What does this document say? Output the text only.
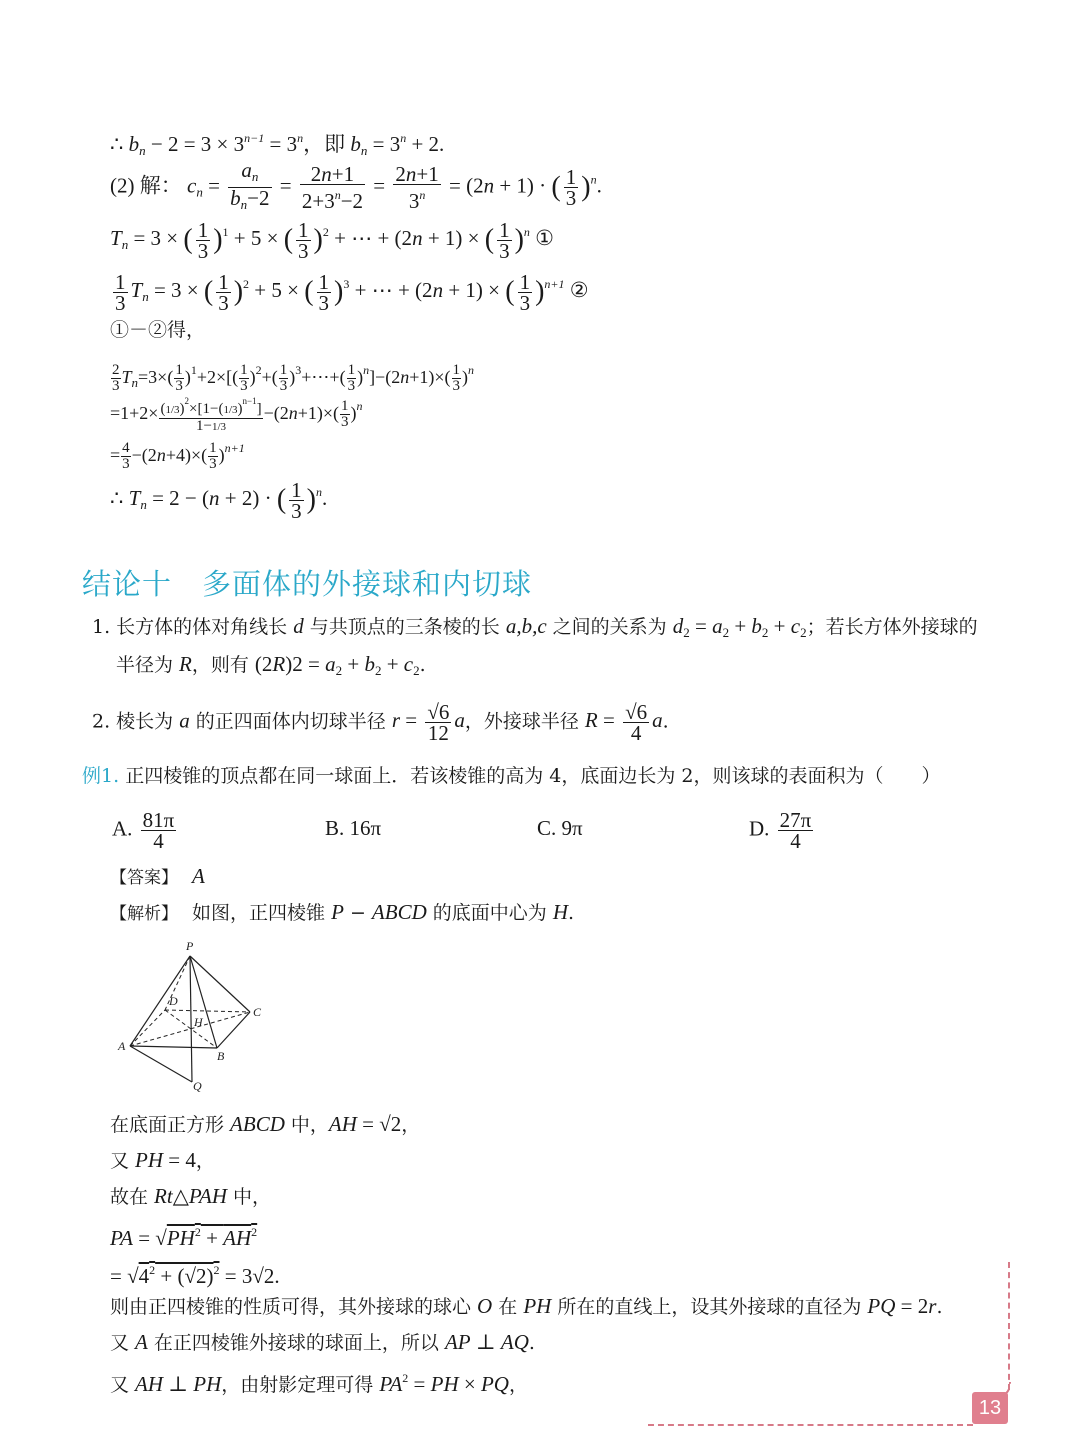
∴ $b_n - 2 = 3 \times 3^{n-1} = 3^n$，即 $b_n = 3^n + 2$.
(2) 解： $c_n = \frac{a_n}{b_n-2} = \frac{2n+1}{2+3^n-2} = \frac{2n+1}{3^n} = (2n + 1)$ · ( $\frac{1}{3} )^n$.
$T_n = 3$ × ( $\frac{1}{3} )^1 + 5$ × ( $\frac{1}{3} )^2$ + ⋯ + (2n + 1) × ( $\frac{1}{3} )^n$ ①
$\frac{1}{3} T_n = 3$ × ( $\frac{1}{3} )^2 + 5$ × ( $\frac{1}{3} )^3$ + ⋯ + (2n + 1) × ( $\frac{1}{3} )^{n+1}$ ②
①－②得，
$\frac{2}{3} T_n=3\times( \frac{1}{3} )^1+2\times[( \frac{1}{3} )^2+( \frac{1}{3}$ )$^3+\cdots+( \frac{1}{3} )^n]-(2n+1)\times( \frac{1}{3} )^n$
$=1+2\times \frac{(1/3)^2\times[1-(1/3)^{n-1}]}{1-1/3} -(2n+1)\times( \frac{1}{3} )^n$
= $\frac{4}{3} -(2n+4)\times( \frac{1}{3} )^{n+1}$
∴ $T_n = 2 - (n + 2)$ · ( $\frac{1}{3} )^n$.
结论十 多面体的外接球和内切球
1. 长方体的体对角线长 d 与共顶点的三条棱的长 a,b,c 之间的关系为 $d_2 = a_2 + b_2 + c_2$；若长方体外接球的
半径为 R，则有 $(2R)2 = a_2 + b_2 + c_2$.
2. 棱长为 a 的正四面体内切球半径 $r = \frac{√6}{12}$ a，外接球半径 $R = \frac{√6}{4} a$.
例1. 正四棱锥的顶点都在同一球面上．若该棱锥的高为 4，底面边长为 2，则该球的表面积为（　　）
A. $\frac{81\pi}{4}$	B. 16π	C. 9π	D. $\frac{27\pi}{4}$
【答案】 A
【解析】 如图，正四棱锥 P − ABCD 的底面中心为 H.
P
D
C
H
A
B
Q
在底面正方形 ABCD 中，AH = √2，
又 PH = 4，
故在 Rt△PAH 中，
PA = $√PH^2 + AH^2$
= $√4^2 + (√2)^2 = 3√2$.
则由正四棱锥的性质可得，其外接球的球心 O 在 PH 所在的直线上，设其外接球的直径为 PQ = 2r.
又 A 在正四棱锥外接球的球面上，所以 AP ⊥ AQ.
又 AH ⊥ PH，由射影定理可得 $PA^2$ = PH × PQ，
13
